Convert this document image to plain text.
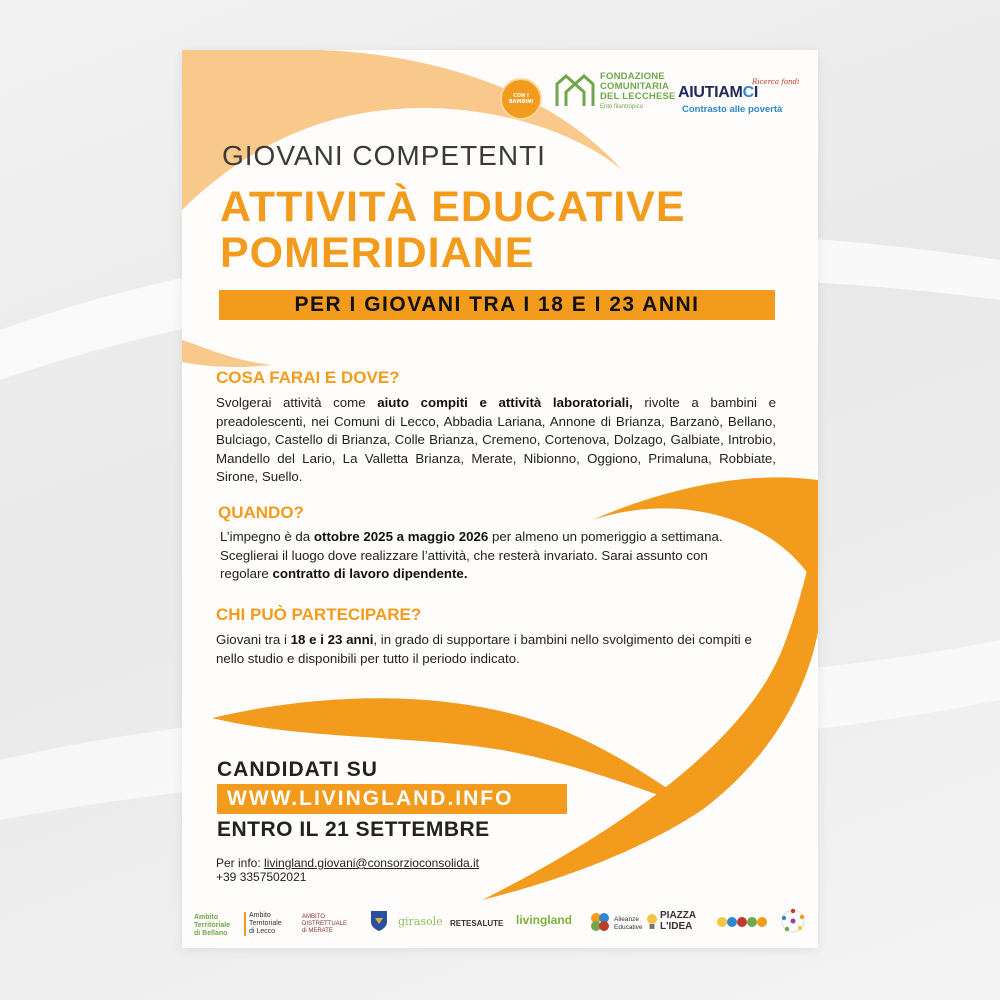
CON I BAMBINI
FONDAZIONE
COMUNITARIA
DEL LECCHESE
Ente filantropico
Ricerca fondi
AIUTIAMCI
Contrasto alle povertà
GIOVANI COMPETENTI
ATTIVITÀ EDUCATIVE
POMERIDIANE
PER I GIOVANI TRA I 18 E I 23 ANNI
COSA FARAI E DOVE?
Svolgerai attività come aiuto compiti e attività laboratoriali, rivolte a bambini e preadolescenti, nei Comuni di Lecco, Abbadia Lariana, Annone di Brianza, Barzanò, Bellano, Bulciago, Castello di Brianza, Colle Brianza, Cremeno, Cortenova, Dolzago, Galbiate, Introbio, Mandello del Lario, La Valletta Brianza, Merate, Nibionno, Oggiono, Primaluna, Robbiate, Sirone, Suello.
QUANDO?
L’impegno è da ottobre 2025 a maggio 2026 per almeno un pomeriggio a settimana. Sceglierai il luogo dove realizzare l’attività, che resterà invariato. Sarai assunto con regolare contratto di lavoro dipendente.
CHI PUÒ PARTECIPARE?
Giovani tra i 18 e i 23 anni, in grado di supportare i bambini nello svolgimento dei compiti e nello studio e disponibili per tutto il periodo indicato.
CANDIDATI SU
WWW.LIVINGLAND.INFO
ENTRO IL 21 SETTEMBRE
Per info: livingland.giovani@consorzioconsolida.it
+39 3357502021
Ambito
Territoriale
di Bellano
Ambito
Territoriale
di Lecco
AMBITO
DISTRETTUALE
di MERATE
girasole RETESALUTE livingland	Alleanze
Educative
PIAZZA
L'IDEA
